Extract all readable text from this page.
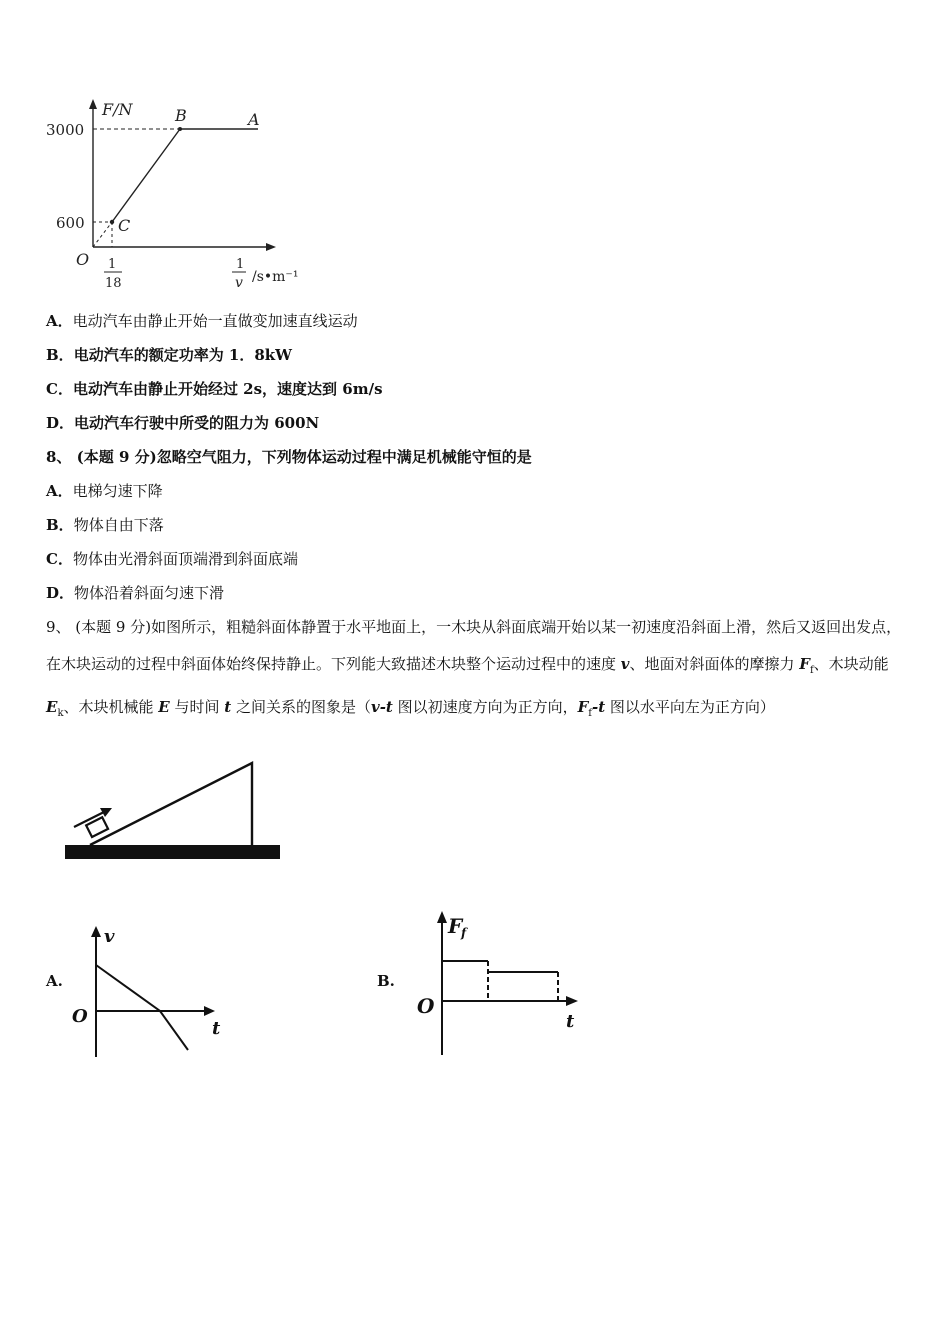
F/N
3000
600
O
B	A
C
1
18
1
v /s•m⁻¹
A．电动汽车由静止开始一直做变加速直线运动
B．电动汽车的额定功率为 1．8kW
C．电动汽车由静止开始经过 2s，速度达到 6m/s
D．电动汽车行驶中所受的阻力为 600N
8、 (本题 9 分)忽略空气阻力，下列物体运动过程中满足机械能守恒的是
A．电梯匀速下降
B．物体自由下落
C．物体由光滑斜面顶端滑到斜面底端
D．物体沿着斜面匀速下滑
9、 (本题 9 分)如图所示，粗糙斜面体静置于水平地面上，一木块从斜面底端开始以某一初速度沿斜面上滑，然后又返回出发点，在木块运动的过程中斜面体始终保持静止。下列能大致描述木块整个运动过程中的速度 v、地面对斜面体的摩擦力 $F_f$、木块动能 $E_k$、木块机械能 E 与时间 t 之间关系的图象是（v-t 图以初速度方向为正方向，$F_f-t$ 图以水平向左为正方向）
A.
v
t
O
B.
F
f
t
O
